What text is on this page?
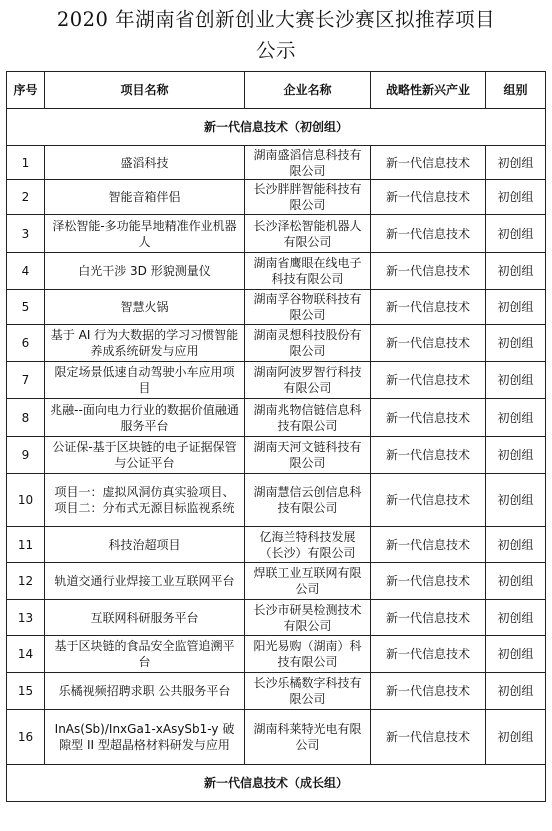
2020 年湖南省创新创业大赛长沙赛区拟推荐项目
公示
序号	项目名称	企业名称	战略性新兴产业	组别
新一代信息技术（初创组）				
1	盛滔科技	湖南盛滔信息科技有限公司	新一代信息技术	初创组
2	智能音箱伴侣	长沙胖胖智能科技有限公司	新一代信息技术	初创组
3	泽松智能-多功能旱地精准作业机器人	长沙泽松智能机器人有限公司	新一代信息技术	初创组
4	白光干涉 3D 形貌测量仪	湖南省鹰眼在线电子科技有限公司	新一代信息技术	初创组
5	智慧火锅	湖南孚谷物联科技有限公司	新一代信息技术	初创组
6	基于 AI 行为大数据的学习习惯智能养成系统研发与应用	湖南灵想科技股份有限公司	新一代信息技术	初创组
7	限定场景低速自动驾驶小车应用项目	湖南阿波罗智行科技有限公司	新一代信息技术	初创组
8	兆融--面向电力行业的数据价值融通 服务平台	湖南兆物信链信息科技有限公司	新一代信息技术	初创组
9	公证保-基于区块链的电子证据保管与公证平台	湖南天河文链科技有限公司	新一代信息技术	初创组
10	项目一：虚拟风洞仿真实验项目、项目二：分布式无源目标监视系统	湖南慧信云创信息科技有限公司	新一代信息技术	初创组
11	科技治超项目	亿海兰特科技发展（长沙）有限公司	新一代信息技术	初创组
12	轨道交通行业焊接工业互联网平台	焊联工业互联网有限公司	新一代信息技术	初创组
13	互联网科研服务平台	长沙市研昊检测技术有限公司	新一代信息技术	初创组
14	基于区块链的食品安全监管追溯平台	阳光易购（湖南）科技有限公司	新一代信息技术	初创组
15	乐橘视频招聘求职 公共服务平台	长沙乐橘数字科技有限公司	新一代信息技术	初创组
16	InAs(Sb)/InxGa1-xAsySb1-y 破隙型 II 型超晶格材料研发与应用	湖南科莱特光电有限公司	新一代信息技术	初创组
新一代信息技术（成长组）				
